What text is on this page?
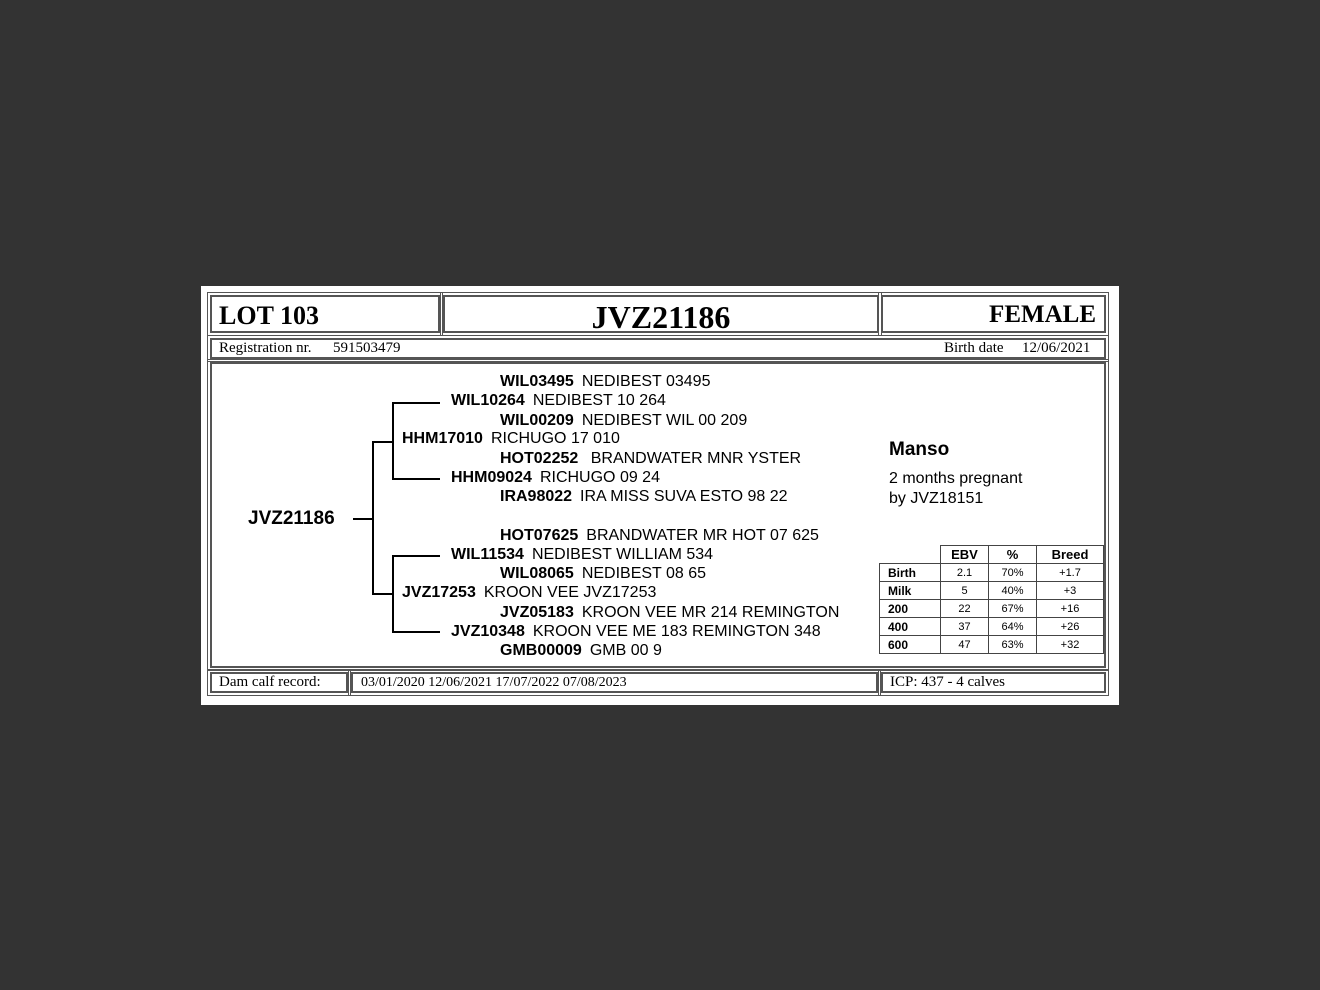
LOT 103	JVZ21186	FEMALE
Registration nr. 591503479	Birth date 12/06/2021
JVZ21186
WIL03495 NEDIBEST 03495
WIL10264 NEDIBEST 10 264
WIL00209 NEDIBEST WIL 00 209
HHM17010 RICHUGO 17 010
HOT02252 BRANDWATER MNR YSTER
HHM09024 RICHUGO 09 24
IRA98022 IRA MISS SUVA ESTO 98 22
HOT07625 BRANDWATER MR HOT 07 625
WIL11534 NEDIBEST WILLIAM 534
WIL08065 NEDIBEST 08 65
JVZ17253 KROON VEE JVZ17253
JVZ05183 KROON VEE MR 214 REMINGTON
JVZ10348 KROON VEE ME 183 REMINGTON 348
GMB00009 GMB 00 9
Manso
2 months pregnant
by JVZ18151
	EBV	%	Breed
Birth	2.1	70%	+1.7
Milk	5	40%	+3
200	22	67%	+16
400	37	64%	+26
600	47	63%	+32
Dam calf record:	03/01/2020 12/06/2021 17/07/2022 07/08/2023	ICP: 437 - 4 calves
